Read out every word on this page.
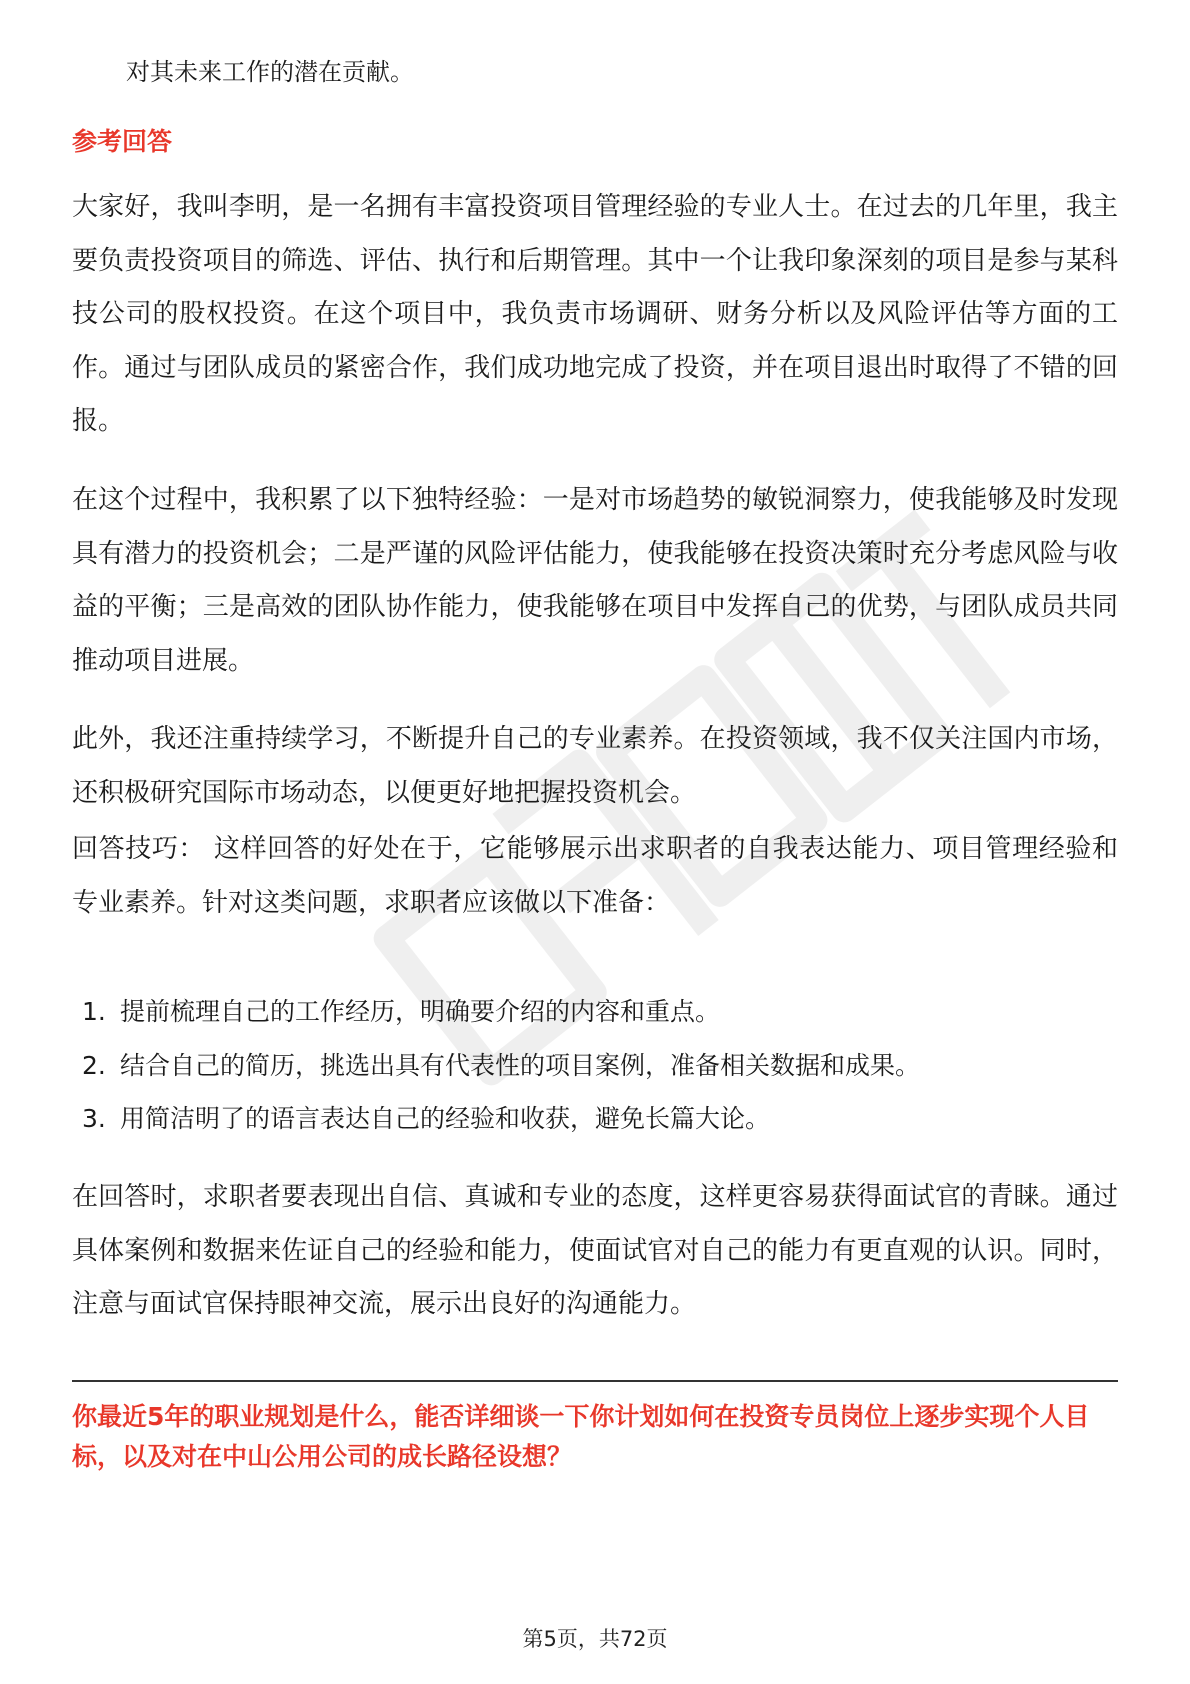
对其未来工作的潜在贡献。
参考回答

大家好，我叫李明，是一名拥有丰富投资项目管理经验的专业人士。在过去的几年里，我主要负责投资项目的筛选、评估、执行和后期管理。其中一个让我印象深刻的项目是参与某科技公司的股权投资。在这个项目中，我负责市场调研、财务分析以及风险评估等方面的工作。通过与团队成员的紧密合作，我们成功地完成了投资，并在项目退出时取得了不错的回报。

在这个过程中，我积累了以下独特经验：一是对市场趋势的敏锐洞察力，使我能够及时发现具有潜力的投资机会；二是严谨的风险评估能力，使我能够在投资决策时充分考虑风险与收益的平衡；三是高效的团队协作能力，使我能够在项目中发挥自己的优势，与团队成员共同推动项目进展。

此外，我还注重持续学习，不断提升自己的专业素养。在投资领域，我不仅关注国内市场，还积极研究国际市场动态，以便更好地把握投资机会。

回答技巧： 这样回答的好处在于，它能够展示出求职者的自我表达能力、项目管理经验和专业素养。针对这类问题，求职者应该做以下准备：

1. 提前梳理自己的工作经历，明确要介绍的内容和重点。
2. 结合自己的简历，挑选出具有代表性的项目案例，准备相关数据和成果。
3. 用简洁明了的语言表达自己的经验和收获，避免长篇大论。

在回答时，求职者要表现出自信、真诚和专业的态度，这样更容易获得面试官的青睐。通过具体案例和数据来佐证自己的经验和能力，使面试官对自己的能力有更直观的认识。同时，注意与面试官保持眼神交流，展示出良好的沟通能力。

你最近5年的职业规划是什么，能否详细谈一下你计划如何在投资专员岗位上逐步实现个人目标，以及对在中山公用公司的成长路径设想？

第5页，共72页
